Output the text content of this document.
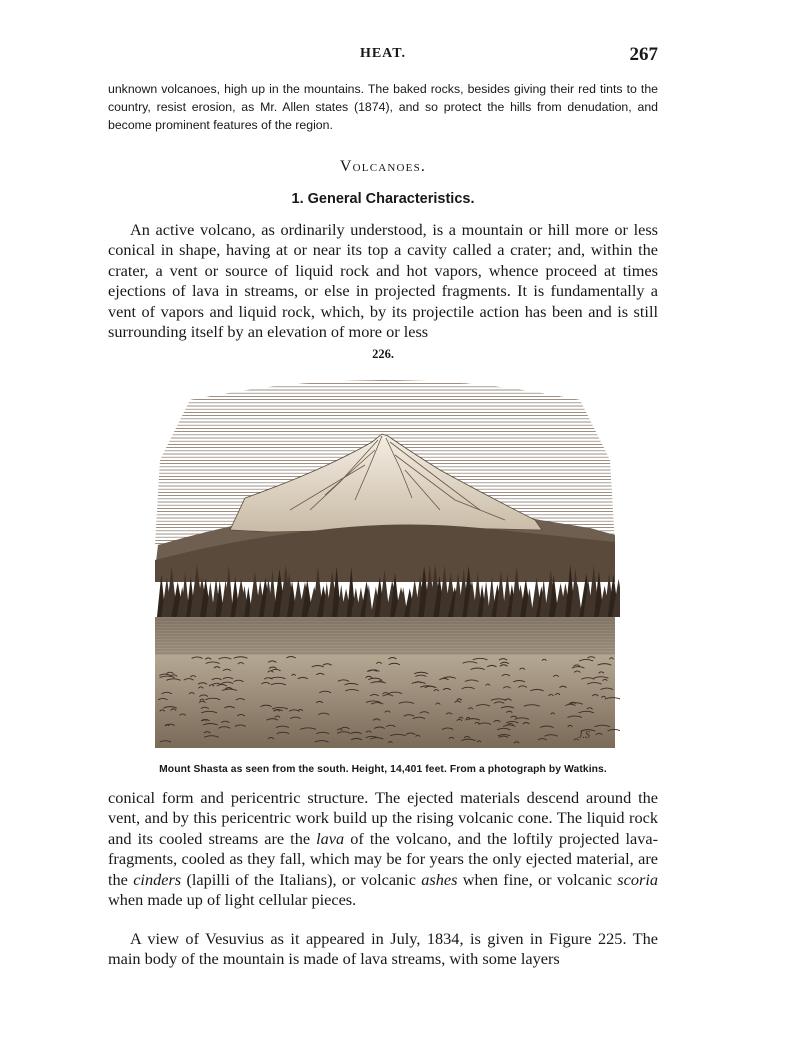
HEAT.	267

unknown volcanoes, high up in the mountains. The baked rocks, besides giving their red tints to the country, resist erosion, as Mr. Allen states (1874), and so protect the hills from denudation, and become prominent features of the region.

Volcanoes.
1. General Characteristics.

An active volcano, as ordinarily understood, is a mountain or hill more or less conical in shape, having at or near its top a cavity called a crater; and, within the crater, a vent or source of liquid rock and hot vapors, whence proceed at times ejections of lava in streams, or else in projected fragments. It is fundamentally a vent of vapors and liquid rock, which, by its projectile action has been and is still surrounding itself by an elevation of more or less

226.
J.S
Mount Shasta as seen from the south. Height, 14,401 feet. From a photograph by Watkins.

conical form and pericentric structure. The ejected materials descend around the vent, and by this pericentric work build up the rising volcanic cone. The liquid rock and its cooled streams are the lava of the volcano, and the loftily projected lava-fragments, cooled as they fall, which may be for years the only ejected material, are the cinders (lapilli of the Italians), or volcanic ashes when fine, or volcanic scoria when made up of light cellular pieces.

A view of Vesuvius as it appeared in July, 1834, is given in Figure 225. The main body of the mountain is made of lava streams, with some layers
